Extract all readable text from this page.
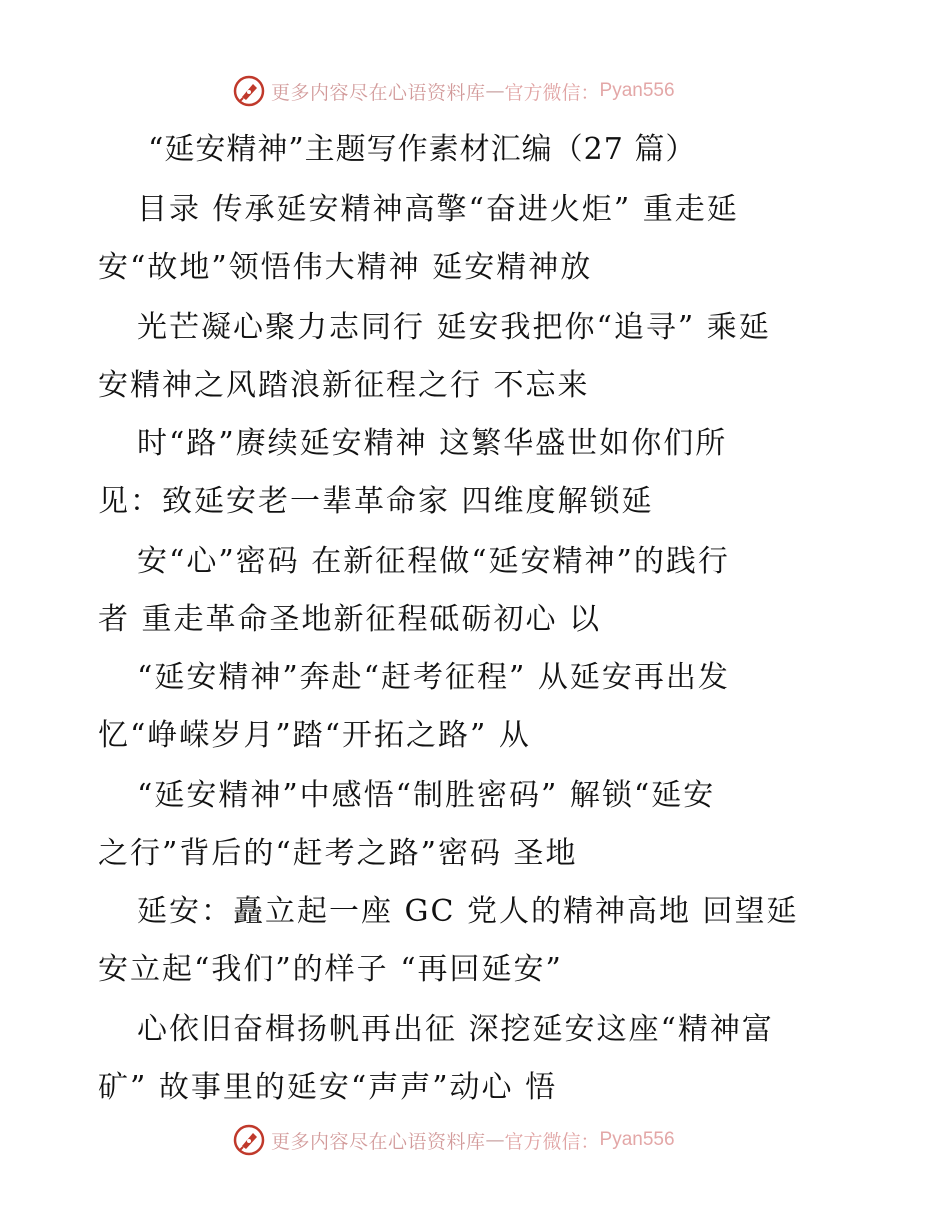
更多内容尽在心语资料库 — 官方微信： Pyan556
“延安精神”主题写作素材汇编（27 篇）
目录 传承延安精神高擎“奋进火炬” 重走延
安“故地”领悟伟大精神 延安精神放
光芒凝心聚力志同行 延安我把你“追寻” 乘延
安精神之风踏浪新征程之行 不忘来
时“路”赓续延安精神 这繁华盛世如你们所
见：致延安老一辈革命家 四维度解锁延
安“心”密码 在新征程做“延安精神”的践行
者 重走革命圣地新征程砥砺初心 以
“延安精神”奔赴“赶考征程” 从延安再出发
忆“峥嵘岁月”踏“开拓之路” 从
“延安精神”中感悟“制胜密码” 解锁“延安
之行”背后的“赶考之路”密码 圣地
延安：矗立起一座 GC 党人的精神高地 回望延
安立起“我们”的样子 “再回延安”
心依旧奋楫扬帆再出征 深挖延安这座“精神富
矿” 故事里的延安“声声”动心 悟
更多内容尽在心语资料库 — 官方微信： Pyan556
